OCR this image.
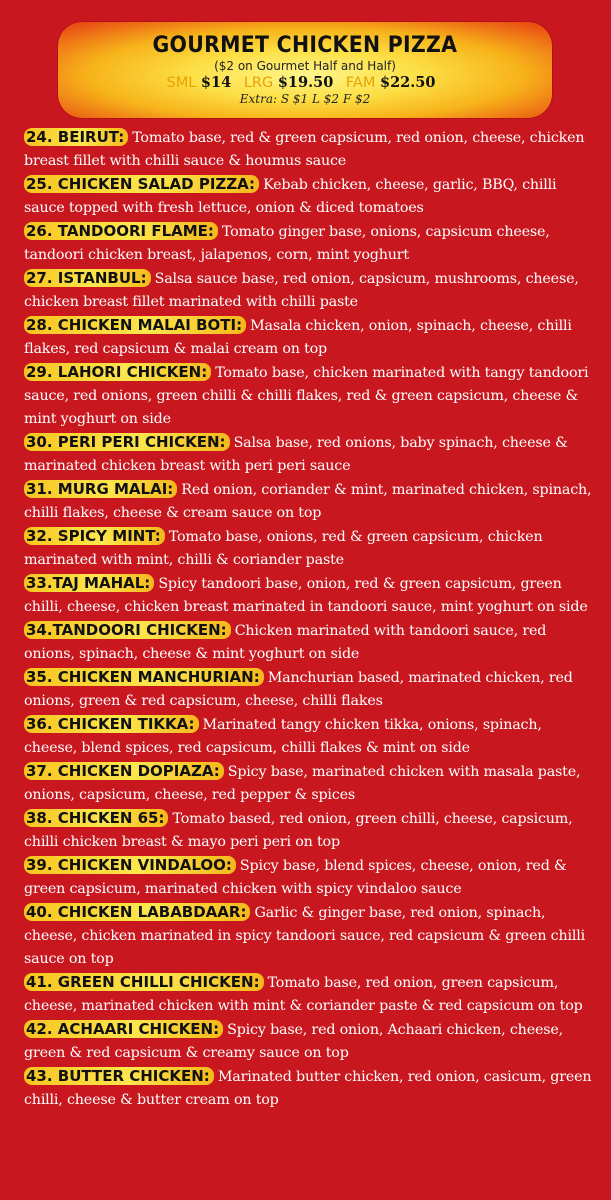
GOURMET CHICKEN PIZZA
($2 on Gourmet Half and Half)
SML $14 LRG $19.50 FAM $22.50
Extra: S $1 L $2 F $2
24. BEIRUT: Tomato base, red & green capsicum, red onion, cheese, chicken breast fillet with chilli sauce & houmus sauce
25. CHICKEN SALAD PIZZA: Kebab chicken, cheese, garlic, BBQ, chilli sauce topped with fresh lettuce, onion & diced tomatoes
26. TANDOORI FLAME: Tomato ginger base, onions, capsicum cheese, tandoori chicken breast, jalapenos, corn, mint yoghurt
27. ISTANBUL: Salsa sauce base, red onion, capsicum, mushrooms, cheese, chicken breast fillet marinated with chilli paste
28. CHICKEN MALAI BOTI: Masala chicken, onion, spinach, cheese, chilli flakes, red capsicum & malai cream on top
29. LAHORI CHICKEN: Tomato base, chicken marinated with tangy tandoori sauce, red onions, green chilli & chilli flakes, red & green capsicum, cheese & mint yoghurt on side
30. PERI PERI CHICKEN: Salsa base, red onions, baby spinach, cheese & marinated chicken breast with peri peri sauce
31. MURG MALAI: Red onion, coriander & mint, marinated chicken, spinach, chilli flakes, cheese & cream sauce on top
32. SPICY MINT: Tomato base, onions, red & green capsicum, chicken marinated with mint, chilli & coriander paste
33.TAJ MAHAL: Spicy tandoori base, onion, red & green capsicum, green chilli, cheese, chicken breast marinated in tandoori sauce, mint yoghurt on side
34.TANDOORI CHICKEN: Chicken marinated with tandoori sauce, red onions, spinach, cheese & mint yoghurt on side
35. CHICKEN MANCHURIAN: Manchurian based, marinated chicken, red onions, green & red capsicum, cheese, chilli flakes
36. CHICKEN TIKKA: Marinated tangy chicken tikka, onions, spinach, cheese, blend spices, red capsicum, chilli flakes & mint on side
37. CHICKEN DOPIAZA: Spicy base, marinated chicken with masala paste, onions, capsicum, cheese, red pepper & spices
38. CHICKEN 65: Tomato based, red onion, green chilli, cheese, capsicum, chilli chicken breast & mayo peri peri on top
39. CHICKEN VINDALOO: Spicy base, blend spices, cheese, onion, red & green capsicum, marinated chicken with spicy vindaloo sauce
40. CHICKEN LABABDAAR: Garlic & ginger base, red onion, spinach, cheese, chicken marinated in spicy tandoori sauce, red capsicum & green chilli sauce on top
41. GREEN CHILLI CHICKEN: Tomato base, red onion, green capsicum, cheese, marinated chicken with mint & coriander paste & red capsicum on top
42. ACHAARI CHICKEN: Spicy base, red onion, Achaari chicken, cheese, green & red capsicum & creamy sauce on top
43. BUTTER CHICKEN: Marinated butter chicken, red onion, casicum, green chilli, cheese & butter cream on top
